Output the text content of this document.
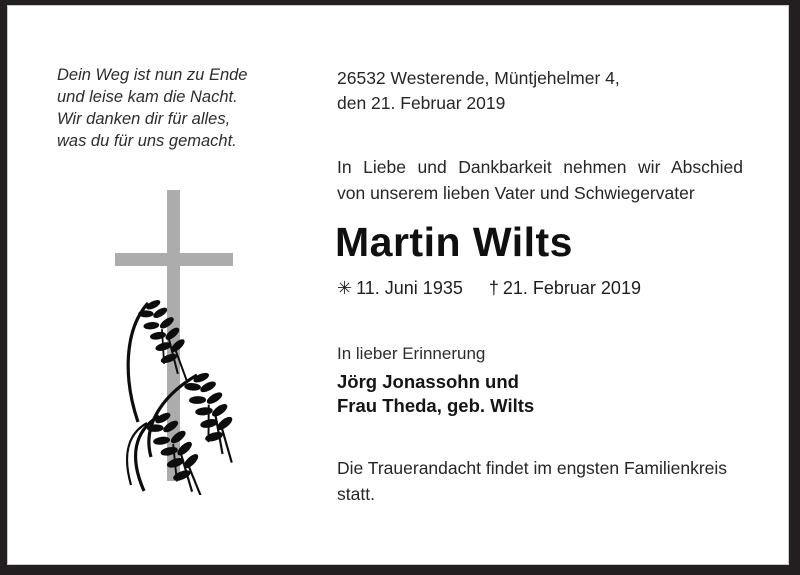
Dein Weg ist nun zu Ende
und leise kam die Nacht.
Wir danken dir für alles,
was du für uns gemacht.
26532 Westerende, Müntjehelmer 4,
den 21. Februar 2019
In Liebe und Dankbarkeit nehmen wir Abschied
von unserem lieben Vater und Schwiegervater
Martin Wilts
✳ 11. Juni 1935 † 21. Februar 2019
In lieber Erinnerung
Jörg Jonassohn und
Frau Theda, geb. Wilts
Die Trauerandacht findet im engsten Familienkreis
statt.
